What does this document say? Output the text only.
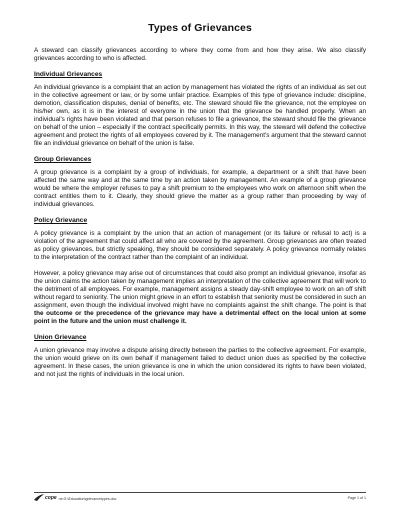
Types of Grievances

A steward can classify grievances according to where they come from and how they arise. We also classify grievances according to who is affected.

Individual Grievances

An individual grievance is a complaint that an action by management has violated the rights of an individual as set out in the collective agreement or law, or by some unfair practice. Examples of this type of grievance include: discipline, demotion, classification disputes, denial of benefits, etc. The steward should file the grievance, not the employee on his/her own, as it is in the interest of everyone in the union that the grievance be handled properly. When an individual's rights have been violated and that person refuses to file a grievance, the steward should file the grievance on behalf of the union – especially if the contract specifically permits. In this way, the steward will defend the collective agreement and protect the rights of all employees covered by it. The management's argument that the steward cannot file an individual grievance on behalf of the union is false.

Group Grievances

A group grievance is a complaint by a group of individuals, for example, a department or a shift that have been affected the same way and at the same time by an action taken by management. An example of a group grievance would be where the employer refuses to pay a shift premium to the employees who work on afternoon shift when the contract entitles them to it. Clearly, they should grieve the matter as a group rather than proceeding by way of individual grievances.

Policy Grievance

A policy grievance is a complaint by the union that an action of management (or its failure or refusal to act) is a violation of the agreement that could affect all who are covered by the agreement. Group grievances are often treated as policy grievances, but strictly speaking, they should be considered separately. A policy grievance normally relates to the interpretation of the contract rather than the complaint of an individual.

However, a policy grievance may arise out of circumstances that could also prompt an individual grievance, insofar as the union claims the action taken by management implies an interpretation of the collective agreement that will work to the detriment of all employees. For example, management assigns a steady day-shift employee to work on an off shift without regard to seniority. The union might grieve in an effort to establish that seniority must be considered in such an assignment, even though the individual involved might have no complaints against the shift change. The point is that the outcome or the precedence of the grievance may have a detrimental effect on the local union at some point in the future and the union must challenge it.

Union Grievance

A union grievance may involve a dispute arising directly between the parties to the collective agreement. For example, the union would grieve on its own behalf if management failed to deduct union dues as specified by the collective agreement. In these cases, the union grievance is one in which the union considered its rights to have been violated, and not just the rights of individuals in the local union.

cope ne:G:\Education\grievancetypes.doc	Page 1 of 1
